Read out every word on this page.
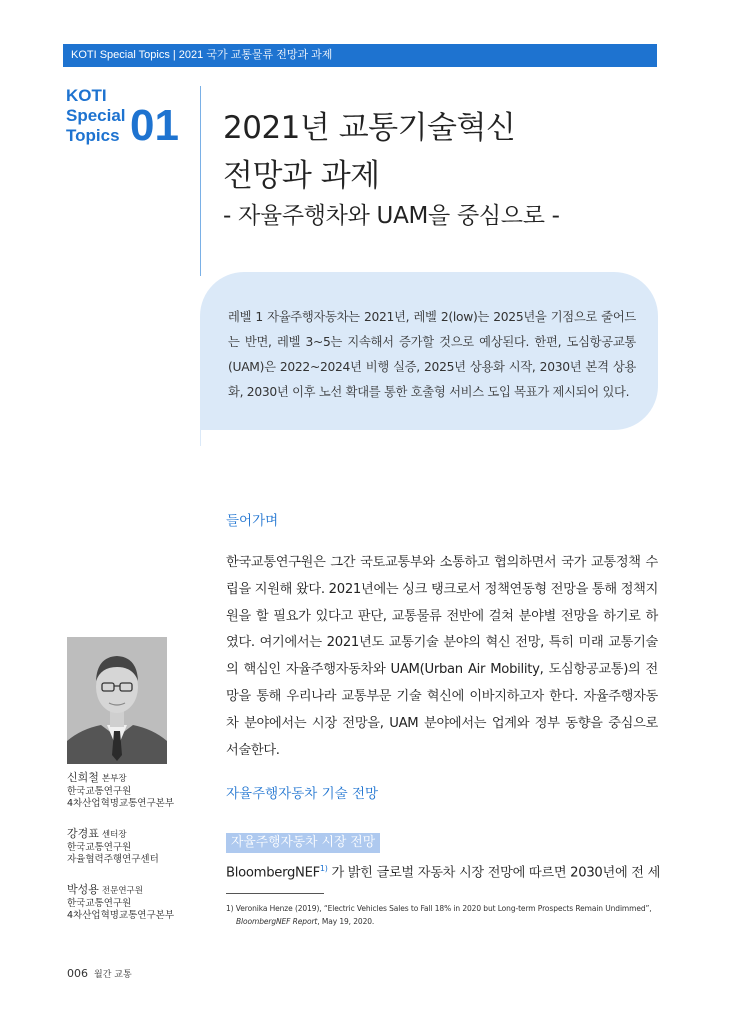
KOTI Special Topics | 2021 국가 교통물류 전망과 과제
KOTI
Special
Topics 01 2021년 교통기술혁신
전망과 과제
- 자율주행차와 UAM을 중심으로 -
레벨 1 자율주행자동차는 2021년, 레벨 2(low)는 2025년을 기점으로 줄어드는 반면, 레벨 3~5는 지속해서 증가할 것으로 예상된다. 한편, 도심항공교통(UAM)은 2022~2024년 비행 실증, 2025년 상용화 시작, 2030년 본격 상용화, 2030년 이후 노선 확대를 통한 호출형 서비스 도입 목표가 제시되어 있다.
들어가며
한국교통연구원은 그간 국토교통부와 소통하고 협의하면서 국가 교통정책 수립을 지원해 왔다. 2021년에는 싱크 탱크로서 정책연동형 전망을 통해 정책지원을 할 필요가 있다고 판단, 교통물류 전반에 걸쳐 분야별 전망을 하기로 하였다. 여기에서는 2021년도 교통기술 분야의 혁신 전망, 특히 미래 교통기술의 핵심인 자율주행자동차와 UAM(Urban Air Mobility, 도심항공교통)의 전망을 통해 우리나라 교통부문 기술 혁신에 이바지하고자 한다. 자율주행자동차 분야에서는 시장 전망을, UAM 분야에서는 업계와 정부 동향을 중심으로 서술한다.
자율주행자동차 기술 전망
자율주행자동차 시장 전망
BloombergNEF$^{1)}$ 가 밝힌 글로벌 자동차 시장 전망에 따르면 2030년에 전 세
1) Veronika Henze (2019), “Electric Vehicles Sales to Fall 18% in 2020 but Long-term Prospects Remain Undimmed”,
BloombergNEF Report, May 19, 2020.
신희철 본부장
한국교통연구원
4차산업혁명교통연구본부
강경표 센터장
한국교통연구원
자율협력주행연구센터
박성용 전문연구원
한국교통연구원
4차산업혁명교통연구본부
006 월간 교통
